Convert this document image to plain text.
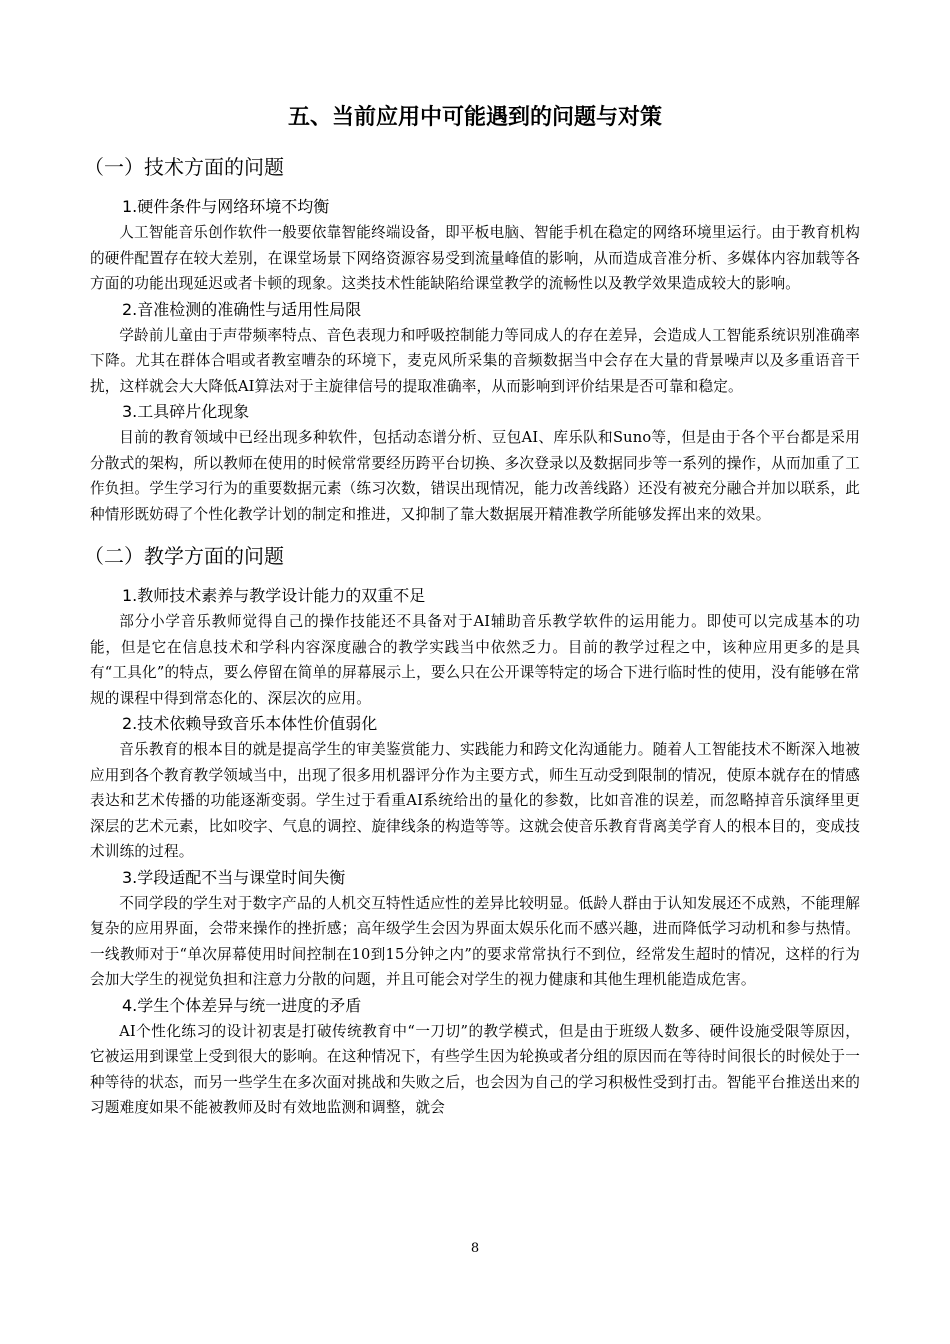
五、当前应用中可能遇到的问题与对策
（一）技术方面的问题
1.硬件条件与网络环境不均衡

人工智能音乐创作软件一般要依靠智能终端设备，即平板电脑、智能手机在稳定的网络环境里运行。由于教育机构的硬件配置存在较大差别，在课堂场景下网络资源容易受到流量峰值的影响，从而造成音准分析、多媒体内容加载等各方面的功能出现延迟或者卡顿的现象。这类技术性能缺陷给课堂教学的流畅性以及教学效果造成较大的影响。

2.音准检测的准确性与适用性局限

学龄前儿童由于声带频率特点、音色表现力和呼吸控制能力等同成人的存在差异，会造成人工智能系统识别准确率下降。尤其在群体合唱或者教室嘈杂的环境下，麦克风所采集的音频数据当中会存在大量的背景噪声以及多重语音干扰，这样就会大大降低AI算法对于主旋律信号的提取准确率，从而影响到评价结果是否可靠和稳定。

3.工具碎片化现象

目前的教育领域中已经出现多种软件，包括动态谱分析、豆包AI、库乐队和Suno等，但是由于各个平台都是采用分散式的架构，所以教师在使用的时候常常要经历跨平台切换、多次登录以及数据同步等一系列的操作，从而加重了工作负担。学生学习行为的重要数据元素（练习次数，错误出现情况，能力改善线路）还没有被充分融合并加以联系，此种情形既妨碍了个性化教学计划的制定和推进，又抑制了靠大数据展开精准教学所能够发挥出来的效果。

（二）教学方面的问题
1.教师技术素养与教学设计能力的双重不足

部分小学音乐教师觉得自己的操作技能还不具备对于AI辅助音乐教学软件的运用能力。即使可以完成基本的功能，但是它在信息技术和学科内容深度融合的教学实践当中依然乏力。目前的教学过程之中，该种应用更多的是具有“工具化”的特点，要么停留在简单的屏幕展示上，要么只在公开课等特定的场合下进行临时性的使用，没有能够在常规的课程中得到常态化的、深层次的应用。

2.技术依赖导致音乐本体性价值弱化

音乐教育的根本目的就是提高学生的审美鉴赏能力、实践能力和跨文化沟通能力。随着人工智能技术不断深入地被应用到各个教育教学领域当中，出现了很多用机器评分作为主要方式，师生互动受到限制的情况，使原本就存在的情感表达和艺术传播的功能逐渐变弱。学生过于看重AI系统给出的量化的参数，比如音准的误差，而忽略掉音乐演绎里更深层的艺术元素，比如咬字、气息的调控、旋律线条的构造等等。这就会使音乐教育背离美学育人的根本目的，变成技术训练的过程。

3.学段适配不当与课堂时间失衡

不同学段的学生对于数字产品的人机交互特性适应性的差异比较明显。低龄人群由于认知发展还不成熟，不能理解复杂的应用界面，会带来操作的挫折感；高年级学生会因为界面太娱乐化而不感兴趣，进而降低学习动机和参与热情。一线教师对于“单次屏幕使用时间控制在10到15分钟之内”的要求常常执行不到位，经常发生超时的情况，这样的行为会加大学生的视觉负担和注意力分散的问题，并且可能会对学生的视力健康和其他生理机能造成危害。

4.学生个体差异与统一进度的矛盾

AI个性化练习的设计初衷是打破传统教育中“一刀切”的教学模式，但是由于班级人数多、硬件设施受限等原因，它被运用到课堂上受到很大的影响。在这种情况下，有些学生因为轮换或者分组的原因而在等待时间很长的时候处于一种等待的状态，而另一些学生在多次面对挑战和失败之后，也会因为自己的学习积极性受到打击。智能平台推送出来的习题难度如果不能被教师及时有效地监测和调整，就会

8
